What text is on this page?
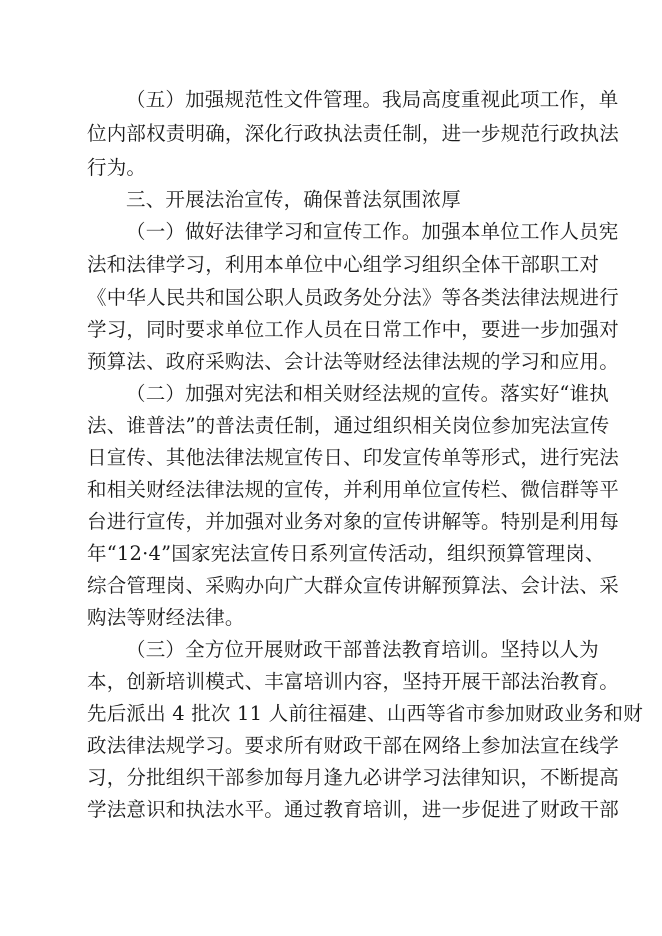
（五）加强规范性文件管理。我局高度重视此项工作，单
位内部权责明确，深化行政执法责任制，进一步规范行政执法
行为。
三、开展法治宣传，确保普法氛围浓厚
（一）做好法律学习和宣传工作。加强本单位工作人员宪
法和法律学习，利用本单位中心组学习组织全体干部职工对
《中华人民共和国公职人员政务处分法》等各类法律法规进行
学习，同时要求单位工作人员在日常工作中，要进一步加强对
预算法、政府采购法、会计法等财经法律法规的学习和应用。
（二）加强对宪法和相关财经法规的宣传。落实好“谁执
法、谁普法”的普法责任制，通过组织相关岗位参加宪法宣传
日宣传、其他法律法规宣传日、印发宣传单等形式，进行宪法
和相关财经法律法规的宣传，并利用单位宣传栏、微信群等平
台进行宣传，并加强对业务对象的宣传讲解等。特别是利用每
年“12·4”国家宪法宣传日系列宣传活动，组织预算管理岗、
综合管理岗、采购办向广大群众宣传讲解预算法、会计法、采
购法等财经法律。
（三）全方位开展财政干部普法教育培训。坚持以人为
本，创新培训模式、丰富培训内容，坚持开展干部法治教育。
先后派出 4 批次 11 人前往福建、山西等省市参加财政业务和财
政法律法规学习。要求所有财政干部在网络上参加法宣在线学
习，分批组织干部参加每月逢九必讲学习法律知识，不断提高
学法意识和执法水平。通过教育培训，进一步促进了财政干部
